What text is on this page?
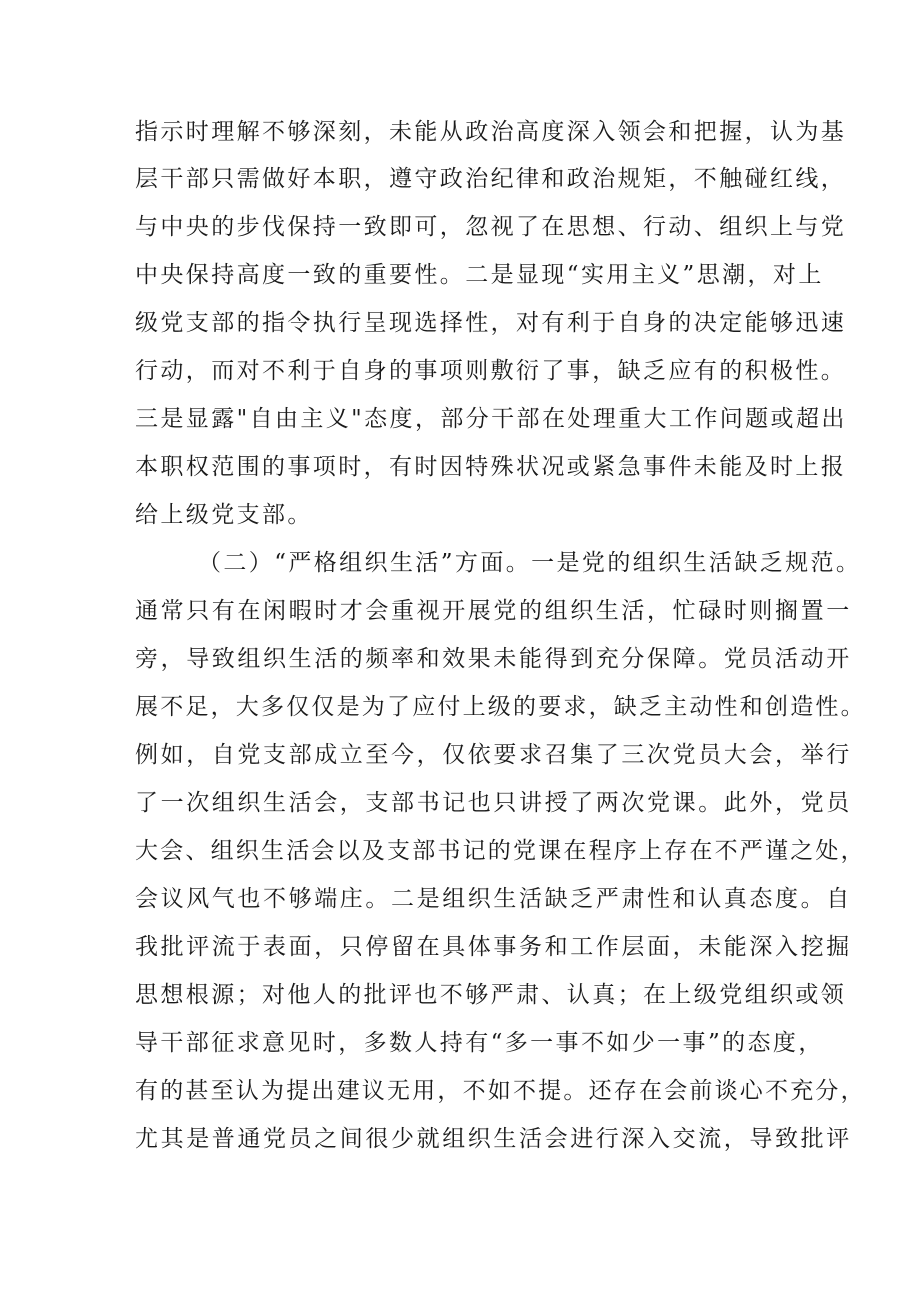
指示时理解不够深刻，未能从政治高度深入领会和把握，认为基

层干部只需做好本职，遵守政治纪律和政治规矩，不触碰红线，

与中央的步伐保持一致即可，忽视了在思想、行动、组织上与党

中央保持高度一致的重要性。二是显现“实用主义”思潮，对上

级党支部的指令执行呈现选择性，对有利于自身的决定能够迅速

行动，而对不利于自身的事项则敷衍了事，缺乏应有的积极性。

三是显露"自由主义"态度，部分干部在处理重大工作问题或超出

本职权范围的事项时，有时因特殊状况或紧急事件未能及时上报

给上级党支部。

（二）“严格组织生活”方面。一是党的组织生活缺乏规范。

通常只有在闲暇时才会重视开展党的组织生活，忙碌时则搁置一

旁，导致组织生活的频率和效果未能得到充分保障。党员活动开

展不足，大多仅仅是为了应付上级的要求，缺乏主动性和创造性。

例如，自党支部成立至今，仅依要求召集了三次党员大会，举行

了一次组织生活会，支部书记也只讲授了两次党课。此外，党员

大会、组织生活会以及支部书记的党课在程序上存在不严谨之处，

会议风气也不够端庄。二是组织生活缺乏严肃性和认真态度。自

我批评流于表面，只停留在具体事务和工作层面，未能深入挖掘

思想根源；对他人的批评也不够严肃、认真；在上级党组织或领

导干部征求意见时，多数人持有“多一事不如少一事”的态度，

有的甚至认为提出建议无用，不如不提。还存在会前谈心不充分，

尤其是普通党员之间很少就组织生活会进行深入交流，导致批评
